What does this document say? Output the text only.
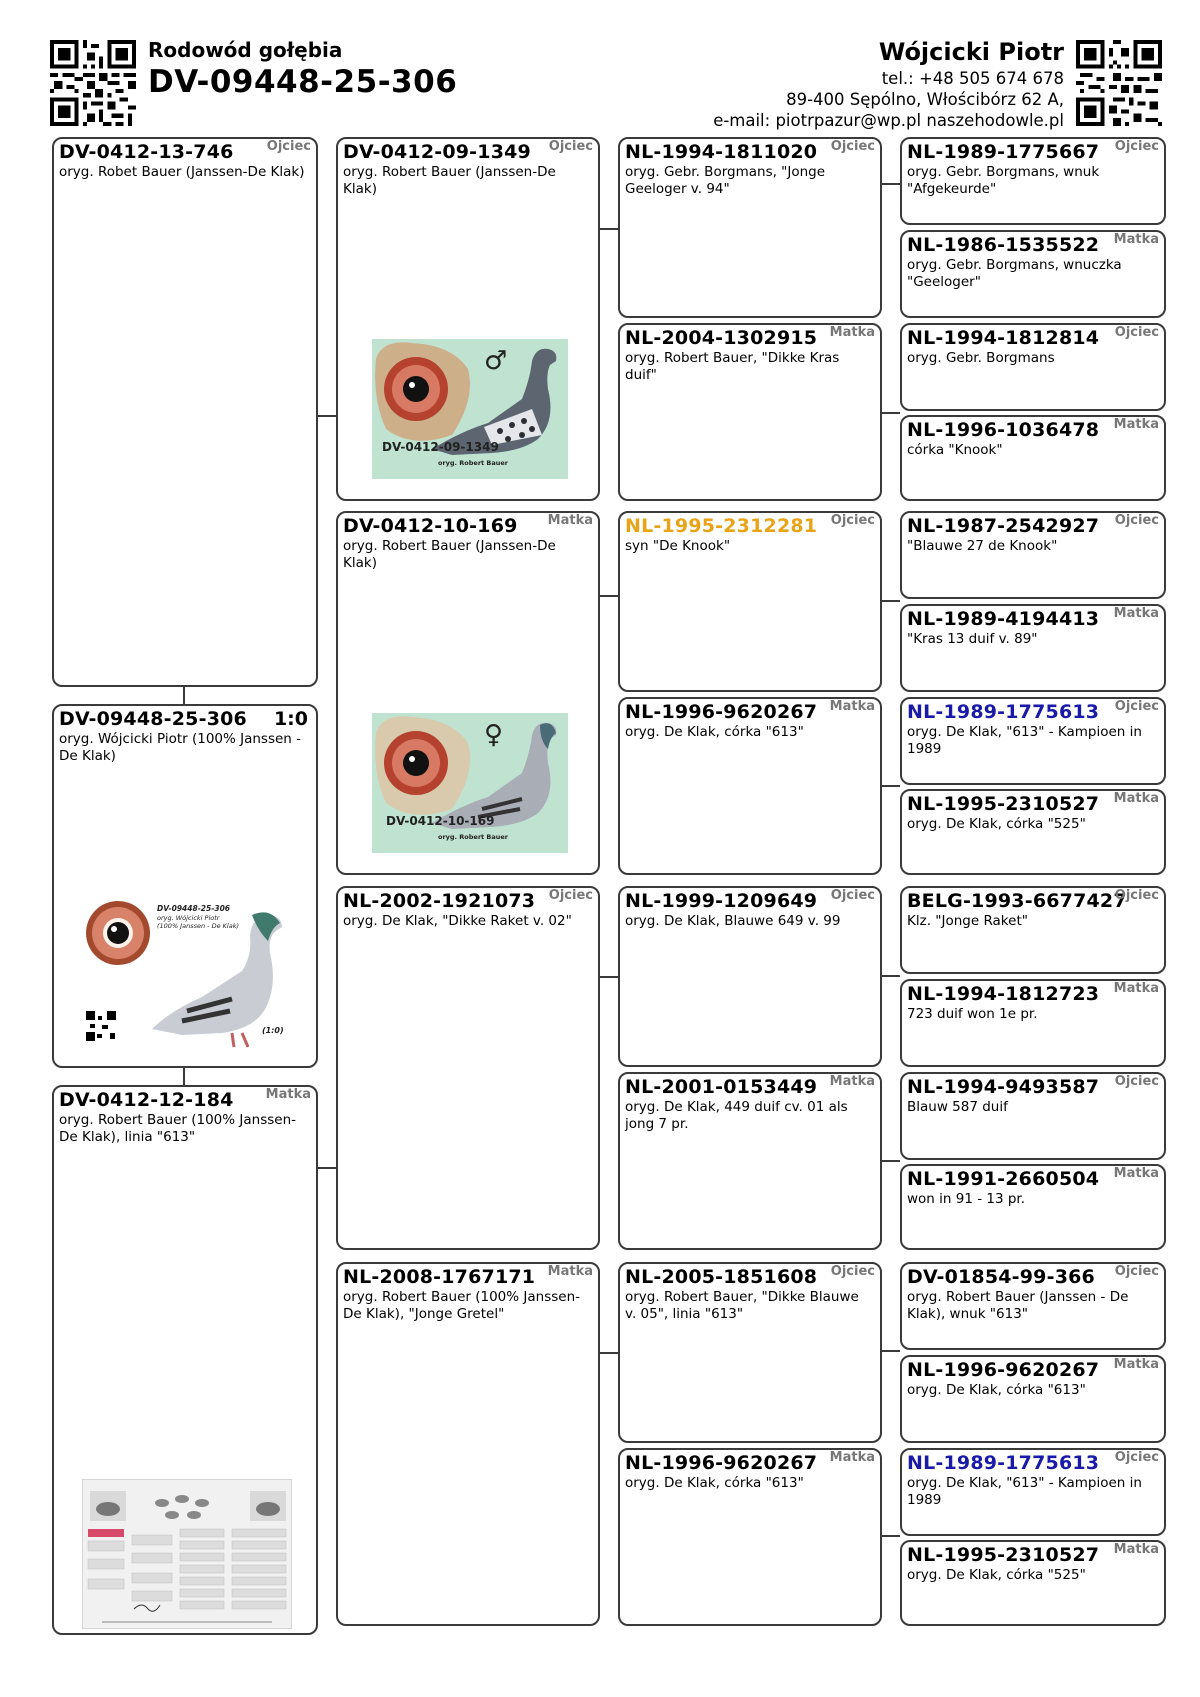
Rodowód gołębia
DV-09448-25-306
Wójcicki Piotr
tel.: +48 505 674 678
89-400 Sępólno, Włościbórz 62 A,
e-mail: piotrpazur@wp.pl naszehodowle.pl
DV-09448-25-306	1:0
oryg. Wójcicki Piotr (100% Janssen - De Klak)
DV-09448-25-306
oryg. Wójcicki Piotr
(100% Janssen - De Klak)
(1:0)
DV-0412-13-746	Ojciec
oryg. Robet Bauer (Janssen-De Klak)
DV-0412-12-184	Matka
oryg. Robert Bauer (100% Janssen-De Klak), linia "613"
DV-0412-09-1349	Ojciec
oryg. Robert Bauer (Janssen-De Klak)
♂
DV-0412-09-1349
oryg. Robert Bauer
DV-0412-10-169	Matka
oryg. Robert Bauer (Janssen-De Klak)
♀
DV-0412-10-169
oryg. Robert Bauer
NL-2002-1921073	Ojciec
oryg. De Klak, "Dikke Raket v. 02"
NL-2008-1767171 Matka
oryg. Robert Bauer (100% Janssen-De Klak), "Jonge Gretel"
NL-1994-1811020	Ojciec
oryg. Gebr. Borgmans, "Jonge Geeloger v. 94"
NL-2004-1302915 Matka
oryg. Robert Bauer, "Dikke Kras duif"
NL-1995-2312281	Ojciec
syn "De Knook"
NL-1996-9620267 Matka
oryg. De Klak, córka "613"
NL-1999-1209649	Ojciec
oryg. De Klak, Blauwe 649 v. 99
NL-2001-0153449 Matka
oryg. De Klak, 449 duif cv. 01 als jong 7 pr.
NL-2005-1851608	Ojciec
oryg. Robert Bauer, "Dikke Blauwe v. 05", linia "613"
NL-1996-9620267 Matka
oryg. De Klak, córka "613"
NL-1989-1775667	Ojciec
oryg. Gebr. Borgmans, wnuk "Afgekeurde"
NL-1986-1535522	Matka
oryg. Gebr. Borgmans, wnuczka "Geeloger"
NL-1994-1812814	Ojciec
oryg. Gebr. Borgmans
NL-1996-1036478	Matka
córka "Knook"
NL-1987-2542927	Ojciec
"Blauwe 27 de Knook"
NL-1989-4194413	Matka
"Kras 13 duif v. 89"
NL-1989-1775613	Ojciec
oryg. De Klak, "613" - Kampioen in 1989
NL-1995-2310527	Matka
oryg. De Klak, córka "525"
BELG-1993-6677427
Ojciec
Klz. "Jonge Raket"
NL-1994-1812723	Matka
723 duif won 1e pr.
NL-1994-9493587	Ojciec
Blauw 587 duif
NL-1991-2660504	Matka
won in 91 - 13 pr.
DV-01854-99-366	Ojciec
oryg. Robert Bauer (Janssen - De Klak), wnuk "613"
NL-1996-9620267	Matka
oryg. De Klak, córka "613"
NL-1989-1775613	Ojciec
oryg. De Klak, "613" - Kampioen in 1989
NL-1995-2310527	Matka
oryg. De Klak, córka "525"
